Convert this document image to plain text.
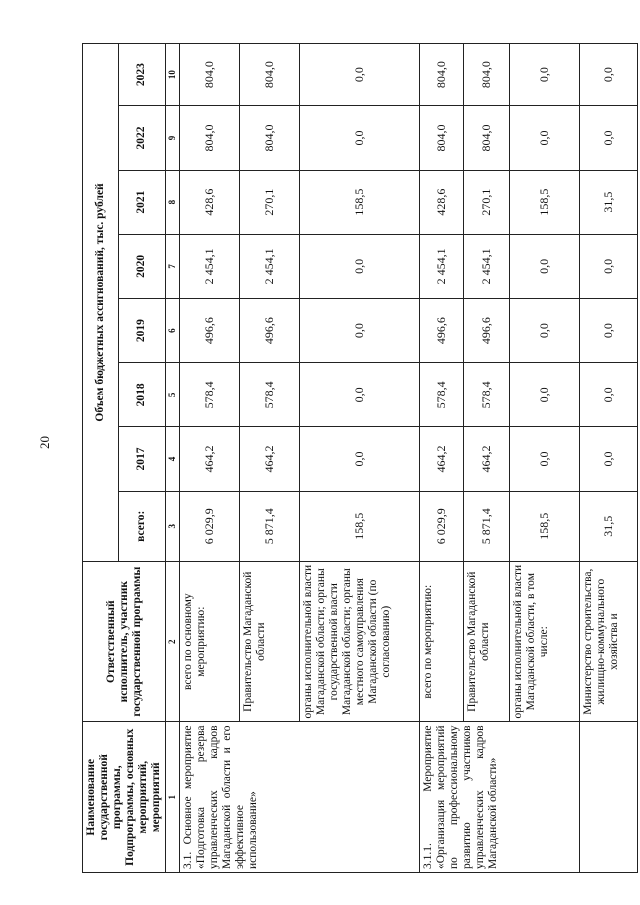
20
Наименование государственной программы, Подпрограммы, основных мероприятий, мероприятий	Ответственный исполнитель, участник государственной программы	Объем бюджетных ассигнований, тыс. рублей							
		всего:	2017	2018	2019	2020	2021	2022	2023
1	2	3	4	5	6	7	8	9	10
3.1. Основное мероприятие «Подготовка резерва управленческих кадров Магаданской области и его эффективное использование»	всего по основному мероприятию:	6 029,9	464,2	578,4	496,6	2 454,1	428,6	804,0	804,0
	Правительство Магаданской области	5 871,4	464,2	578,4	496,6	2 454,1	270,1	804,0	804,0
	органы исполнительной власти Магаданской области; органы государственной власти Магаданской области; органы местного самоуправления Магаданской области (по согласованию)	158,5	0,0	0,0	0,0	0,0	158,5	0,0	0,0
3.1.1. Мероприятие «Организация мероприятий по профессиональному развитию участников управленческих кадров Магаданской области»	всего по мероприятию:	6 029,9	464,2	578,4	496,6	2 454,1	428,6	804,0	804,0
	Правительство Магаданской области	5 871,4	464,2	578,4	496,6	2 454,1	270,1	804,0	804,0
	органы исполнительной власти Магаданской области, в том числе:	158,5	0,0	0,0	0,0	0,0	158,5	0,0	0,0
	Министерство строительства, жилищно-коммунального хозяйства и	31,5	0,0	0,0	0,0	0,0	31,5	0,0	0,0
